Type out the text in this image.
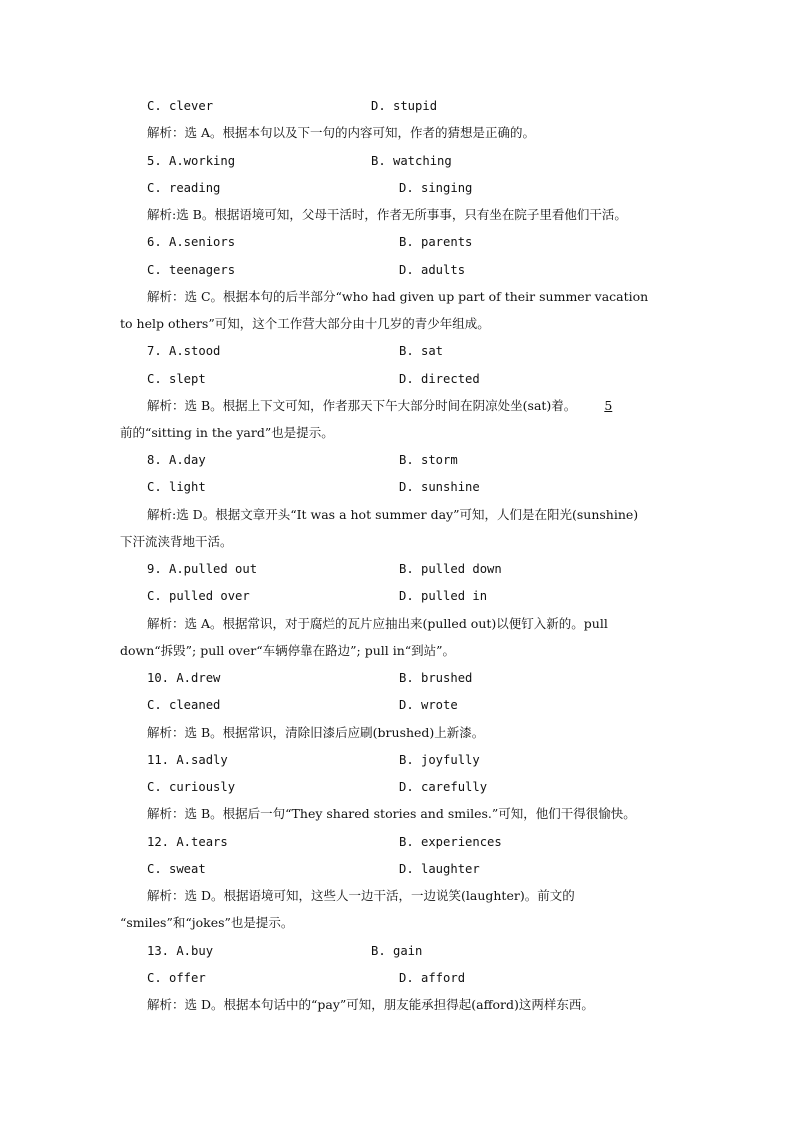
C. clever	D. stupid
解析：选 A。根据本句以及下一句的内容可知，作者的猜想是正确的。
5. A.working	B. watching
C. reading	D. singing
解析:选 B。根据语境可知，父母干活时，作者无所事事，只有坐在院子里看他们干活。
6. A.seniors	B. parents
C. teenagers	D. adults
解析：选 C。根据本句的后半部分“who had given up part of their summer vacation
to help others”可知，这个工作营大部分由十几岁的青少年组成。
7. A.stood	B. sat
C. slept	D. directed
解析：选 B。根据上下文可知，作者那天下午大部分时间在阴凉处坐(sat)着。 5
前的“sitting in the yard”也是提示。
8. A.day	B. storm
C. light	D. sunshine
解析:选 D。根据文章开头“It was a hot summer day”可知，人们是在阳光(sunshine)
下汗流浃背地干活。
9. A.pulled out	B. pulled down
C. pulled over	D. pulled in
解析：选 A。根据常识，对于腐烂的瓦片应抽出来(pulled out)以便钉入新的。pull
down“拆毁”; pull over“车辆停靠在路边”; pull in“到站”。
10. A.drew	B. brushed
C. cleaned	D. wrote
解析：选 B。根据常识，清除旧漆后应刷(brushed)上新漆。
11. A.sadly	B. joyfully
C. curiously	D. carefully
解析：选 B。根据后一句“They shared stories and smiles.”可知，他们干得很愉快。
12. A.tears	B. experiences
C. sweat	D. laughter
解析：选 D。根据语境可知，这些人一边干活，一边说笑(laughter)。前文的
“smiles”和“jokes”也是提示。
13. A.buy	B. gain
C. offer	D. afford
解析：选 D。根据本句话中的“pay”可知，朋友能承担得起(afford)这两样东西。
